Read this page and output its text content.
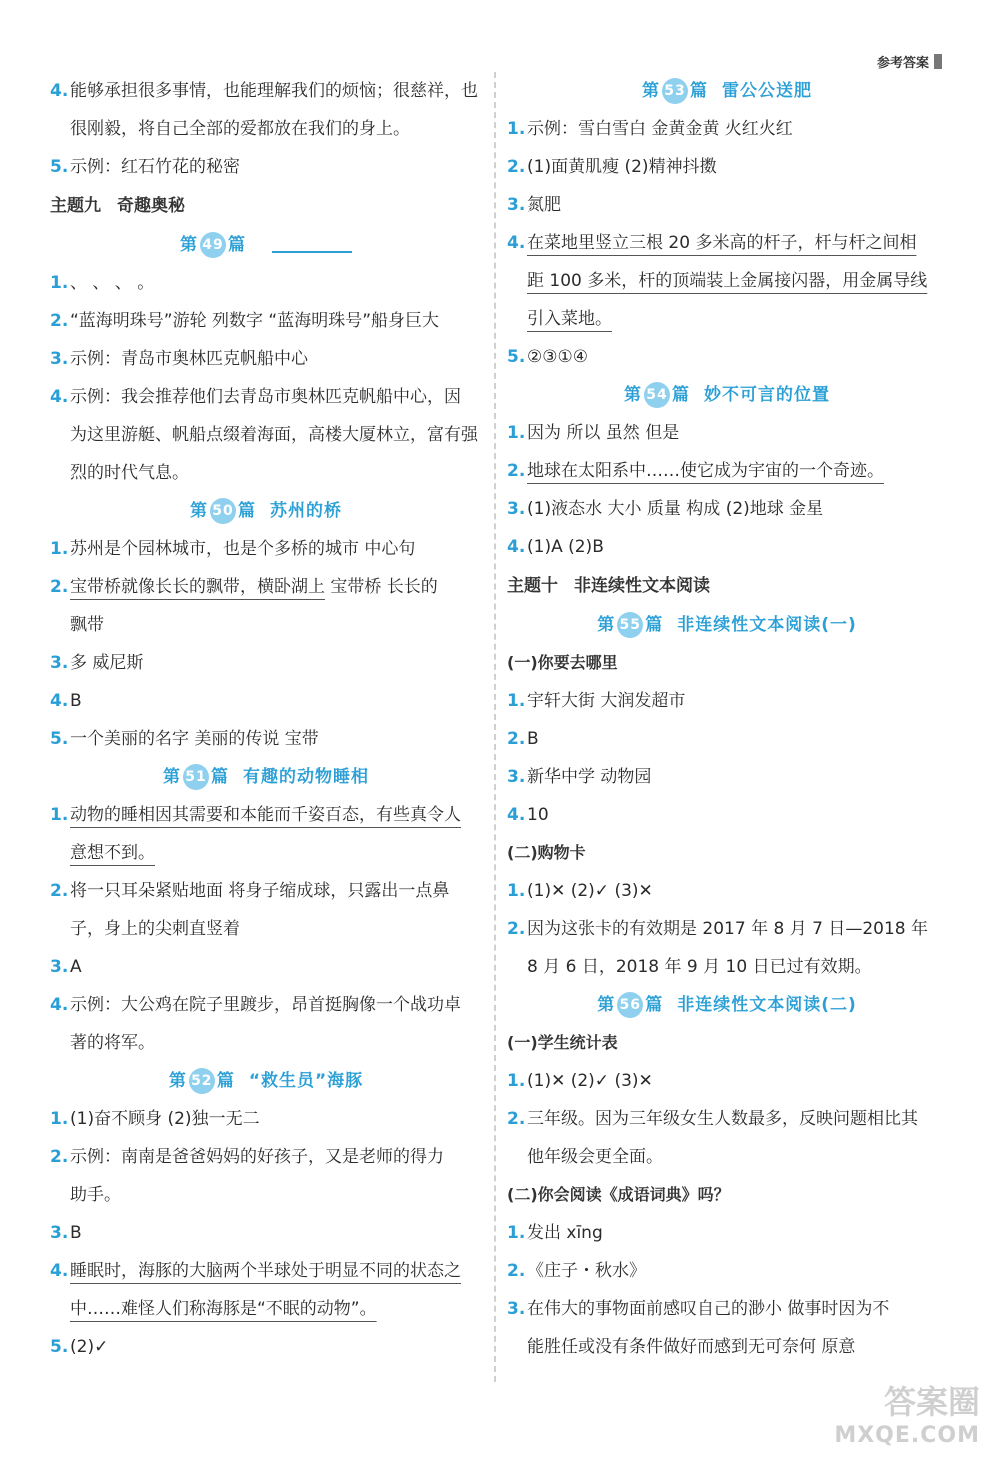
参考答案
4. 能够承担很多事情，也能理解我们的烦恼；很慈祥，也
很刚毅，将自己全部的爱都放在我们的身上。
5. 示例：红石竹花的秘密
主题九 奇趣奥秘
第 49 篇
1. 、 、 、 。
2. “蓝海明珠号”游轮 列数字 “蓝海明珠号”船身巨大
3. 示例：青岛市奥林匹克帆船中心
4. 示例：我会推荐他们去青岛市奥林匹克帆船中心，因
为这里游艇、帆船点缀着海面，高楼大厦林立，富有强
烈的时代气息。
第 50 篇 苏州的桥
1. 苏州是个园林城市，也是个多桥的城市 中心句
2. 宝带桥就像长长的飘带，横卧湖上 宝带桥 长长的
飘带
3. 多 威尼斯
4. B
5. 一个美丽的名字 美丽的传说 宝带
第 51 篇 有趣的动物睡相
1. 动物的睡相因其需要和本能而千姿百态，有些真令人
意想不到。
2. 将一只耳朵紧贴地面 将身子缩成球，只露出一点鼻
子，身上的尖刺直竖着
3. A
4. 示例：大公鸡在院子里踱步，昂首挺胸像一个战功卓
著的将军。
第 52 篇 “救生员”海豚
1. (1)奋不顾身 (2)独一无二
2. 示例：南南是爸爸妈妈的好孩子，又是老师的得力
助手。
3. B
4. 睡眠时，海豚的大脑两个半球处于明显不同的状态之
中……难怪人们称海豚是“不眠的动物”。
5. (2)✓
第 53 篇 雷公公送肥
1. 示例：雪白雪白 金黄金黄 火红火红
2. (1)面黄肌瘦 (2)精神抖擞
3. 氮肥
4. 在菜地里竖立三根 20 多米高的杆子，杆与杆之间相
距 100 多米，杆的顶端装上金属接闪器，用金属导线
引入菜地。
5. ②③①④
第 54 篇 妙不可言的位置
1. 因为 所以 虽然 但是
2. 地球在太阳系中……使它成为宇宙的一个奇迹。
3. (1)液态水 大小 质量 构成 (2)地球 金星
4. (1)A (2)B
主题十 非连续性文本阅读
第 55 篇 非连续性文本阅读(一)
(一)你要去哪里
1. 宇轩大街 大润发超市
2. B
3. 新华中学 动物园
4. 10
(二)购物卡
1. (1)✕ (2)✓ (3)✕
2. 因为这张卡的有效期是 2017 年 8 月 7 日—2018 年
8 月 6 日，2018 年 9 月 10 日已过有效期。
第 56 篇 非连续性文本阅读(二)
(一)学生统计表
1. (1)✕ (2)✓ (3)✕
2. 三年级。因为三年级女生人数最多，反映问题相比其
他年级会更全面。
(二)你会阅读《成语词典》吗？
1. 发出 xīng
2. 《庄子・秋水》
3. 在伟大的事物面前感叹自己的渺小 做事时因为不
能胜任或没有条件做好而感到无可奈何 原意
答案圈
MXQE.COM
